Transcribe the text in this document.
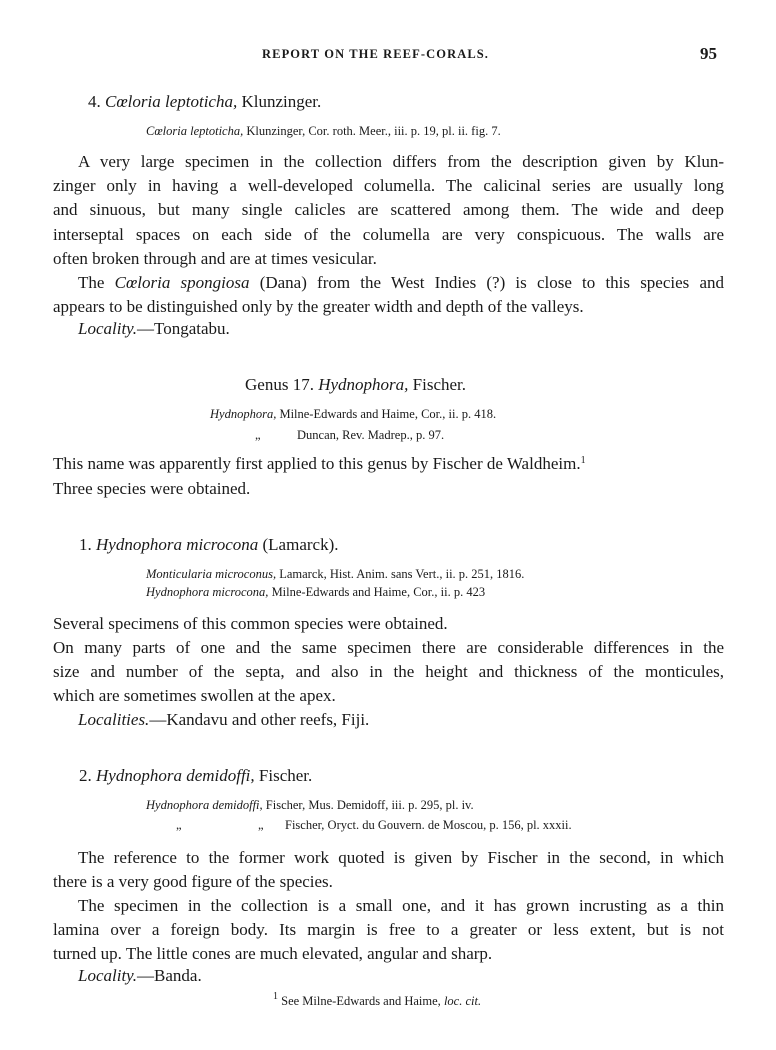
REPORT ON THE REEF-CORALS.	95
4. Cœloria leptoticha, Klunzinger.
Cœloria leptoticha, Klunzinger, Cor. roth. Meer., iii. p. 19, pl. ii. fig. 7.
A very large specimen in the collection differs from the description given by Klun-
zinger only in having a well-developed columella. The calicinal series are usually long
and sinuous, but many single calicles are scattered among them. The wide and deep
interseptal spaces on each side of the columella are very conspicuous. The walls are
often broken through and are at times vesicular.
The Cœloria spongiosa (Dana) from the West Indies (?) is close to this species and
appears to be distinguished only by the greater width and depth of the valleys.
Locality.—Tongatabu.
Genus 17. Hydnophora, Fischer.
Hydnophora, Milne-Edwards and Haime, Cor., ii. p. 418.
„	Duncan, Rev. Madrep., p. 97.
This name was apparently first applied to this genus by Fischer de Waldheim.$^1$
Three species were obtained.
1. Hydnophora microcona (Lamarck).
Monticularia microconus, Lamarck, Hist. Anim. sans Vert., ii. p. 251, 1816.
Hydnophora microcona, Milne-Edwards and Haime, Cor., ii. p. 423
Several specimens of this common species were obtained.
On many parts of one and the same specimen there are considerable differences in the
size and number of the septa, and also in the height and thickness of the monticules,
which are sometimes swollen at the apex.
Localities.—Kandavu and other reefs, Fiji.
2. Hydnophora demidoffi, Fischer.
Hydnophora demidoffi, Fischer, Mus. Demidoff, iii. p. 295, pl. iv.
„	„ Fischer, Oryct. du Gouvern. de Moscou, p. 156, pl. xxxii.
The reference to the former work quoted is given by Fischer in the second, in which
there is a very good figure of the species.
The specimen in the collection is a small one, and it has grown incrusting as a thin
lamina over a foreign body. Its margin is free to a greater or less extent, but is not
turned up. The little cones are much elevated, angular and sharp.
Locality.—Banda.
$^1$ See Milne-Edwards and Haime, loc. cit.
